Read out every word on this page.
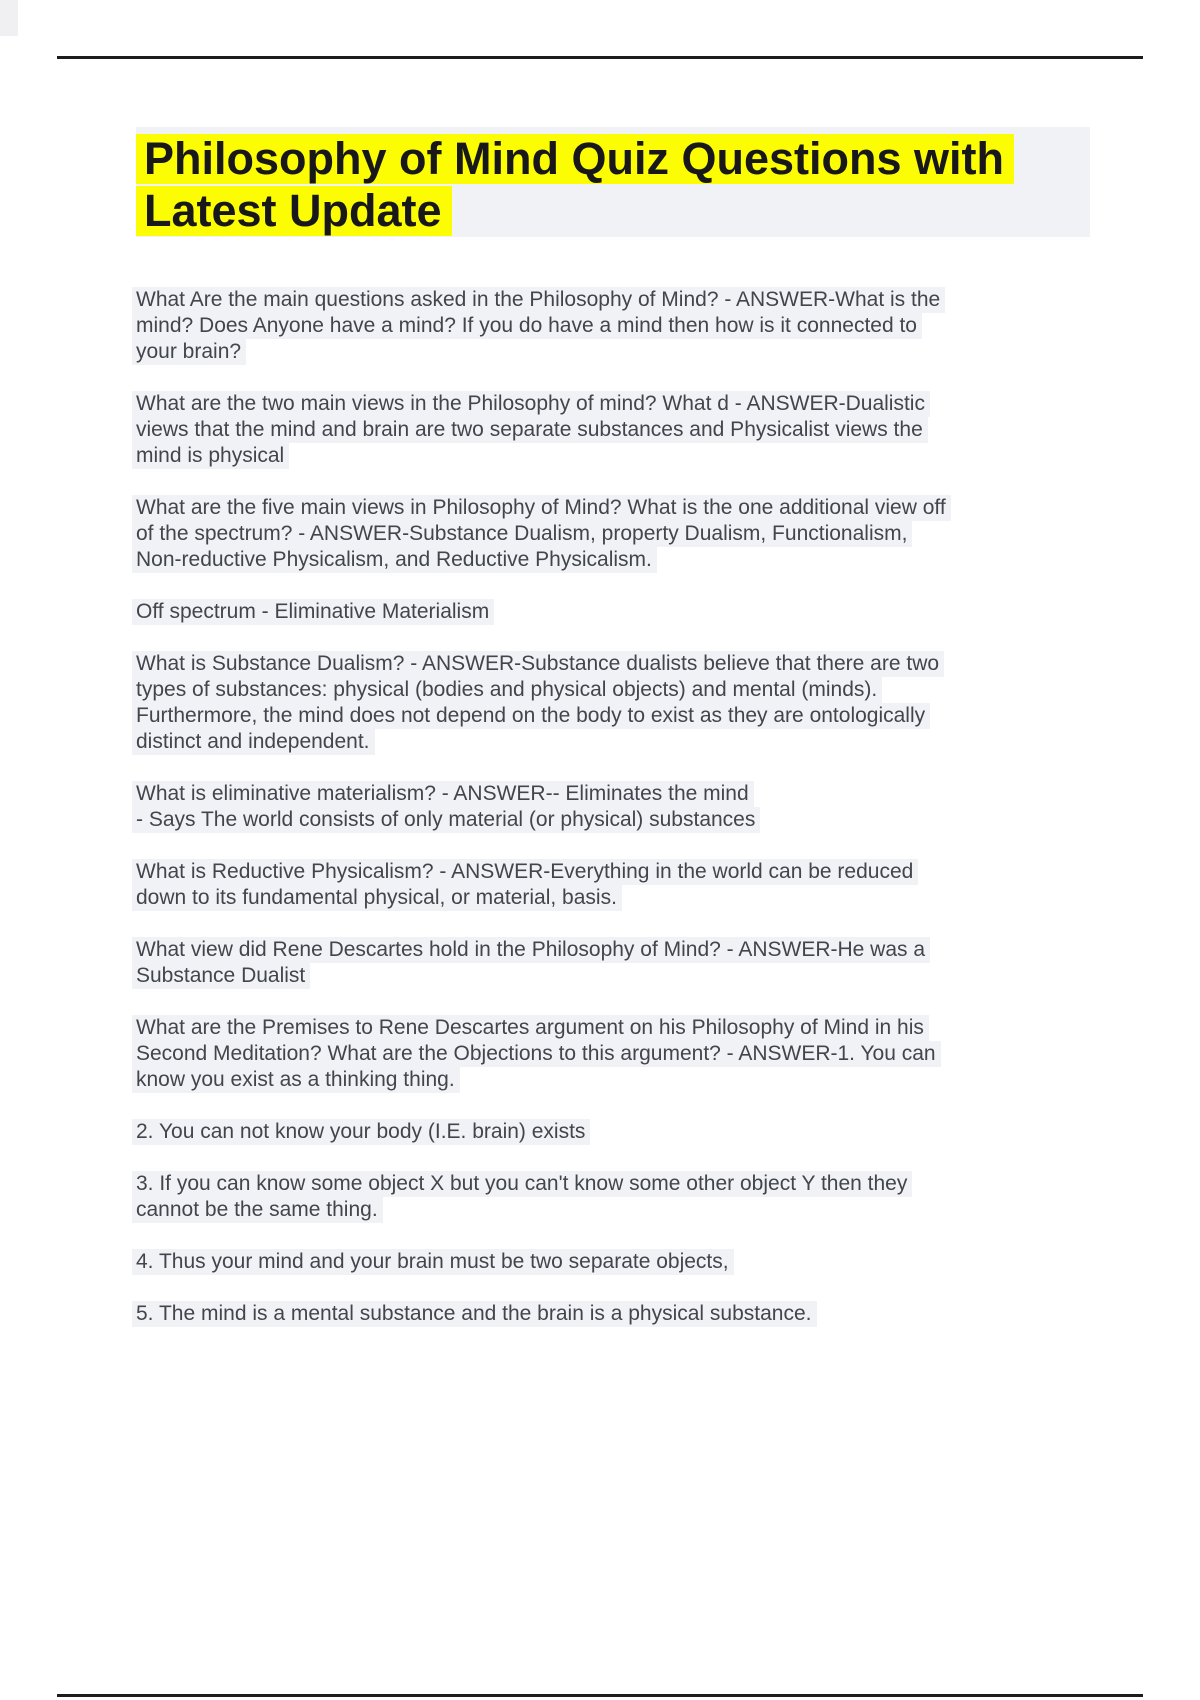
Philosophy of Mind Quiz Questions with
Latest Update

What Are the main questions asked in the Philosophy of Mind? - ANSWER-What is the
mind? Does Anyone have a mind? If you do have a mind then how is it connected to
your brain?

What are the two main views in the Philosophy of mind? What d - ANSWER-Dualistic
views that the mind and brain are two separate substances and Physicalist views the
mind is physical

What are the five main views in Philosophy of Mind? What is the one additional view off
of the spectrum? - ANSWER-Substance Dualism, property Dualism, Functionalism,
Non-reductive Physicalism, and Reductive Physicalism.

Off spectrum - Eliminative Materialism

What is Substance Dualism? - ANSWER-Substance dualists believe that there are two
types of substances: physical (bodies and physical objects) and mental (minds).
Furthermore, the mind does not depend on the body to exist as they are ontologically
distinct and independent.

What is eliminative materialism? - ANSWER-- Eliminates the mind
- Says The world consists of only material (or physical) substances

What is Reductive Physicalism? - ANSWER-Everything in the world can be reduced
down to its fundamental physical, or material, basis.

What view did Rene Descartes hold in the Philosophy of Mind? - ANSWER-He was a
Substance Dualist

What are the Premises to Rene Descartes argument on his Philosophy of Mind in his
Second Meditation? What are the Objections to this argument? - ANSWER-1. You can
know you exist as a thinking thing.

2. You can not know your body (I.E. brain) exists

3. If you can know some object X but you can't know some other object Y then they
cannot be the same thing.

4. Thus your mind and your brain must be two separate objects,

5. The mind is a mental substance and the brain is a physical substance.
